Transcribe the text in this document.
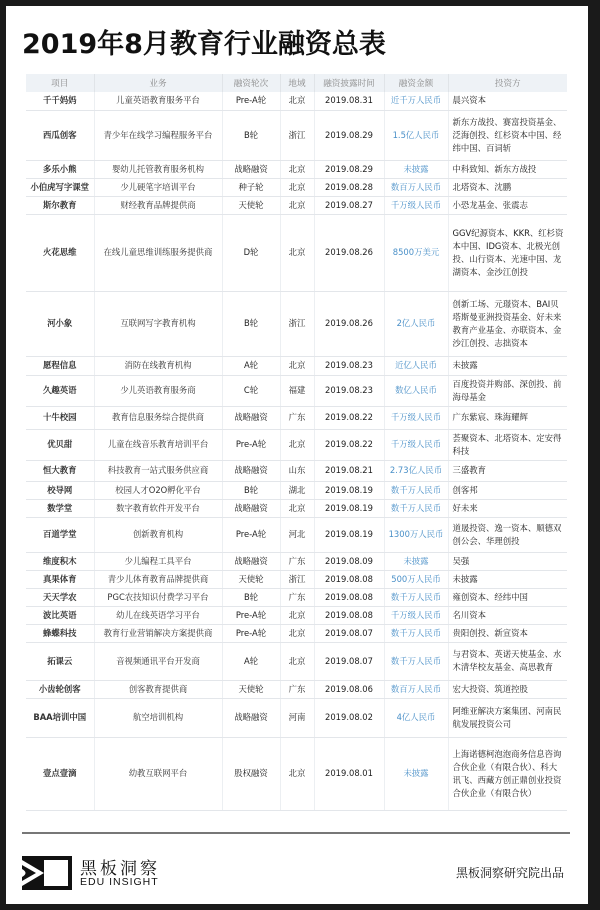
2019年8月教育行业融资总表
项目	业务	融资轮次	地域	融资披露时间	融资金额	投资方
千千妈妈	儿童英语教育服务平台	Pre-A轮	北京	2019.08.31	近千万人民币	晨兴资本
西瓜创客	青少年在线学习编程服务平台	B轮	浙江	2019.08.29	1.5亿人民币	新东方战投、赛富投资基金、泛海创投、红杉资本中国、经纬中国、百词斩
多乐小熊	婴幼儿托管教育服务机构	战略融资	北京	2019.08.29	未披露	中科致知、新东方战投
小伯虎写字课堂	少儿硬笔字培训平台	种子轮	北京	2019.08.28	数百万人民币	北塔资本、沈鹏
斯尔教育	财经教育品牌提供商	天使轮	北京	2019.08.27	千万级人民币	小恐龙基金、张震志
火花思维	在线儿童思维训练服务提供商	D轮	北京	2019.08.26	8500万美元	GGV纪源资本、KKR、红杉资本中国、IDG资本、北极光创投、山行资本、光速中国、龙湖资本、金沙江创投
河小象	互联网写字教育机构	B轮	浙江	2019.08.26	2亿人民币	创新工场、元璟资本、BAI贝塔斯曼亚洲投资基金、好未来教育产业基金、亦联资本、金沙江创投、志拙资本
愿程信息	消防在线教育机构	A轮	北京	2019.08.23	近亿人民币	未披露
久趣英语	少儿英语教育服务商	C轮	福建	2019.08.23	数亿人民币	百度投资并购部、深创投、前海母基金
十牛校园	教育信息服务综合提供商	战略融资	广东	2019.08.22	千万级人民币	广东紫宸、珠海耀辉
优贝甜	儿童在线音乐教育培训平台	Pre-A轮	北京	2019.08.22	千万级人民币	荟聚资本、北塔资本、定安得科技
恒大教育	科技教育一站式服务供应商	战略融资	山东	2019.08.21	2.73亿人民币	三盛教育
校导网	校园人才O2O孵化平台	B轮	湖北	2019.08.19	数千万人民币	创客邦
数学堂	数字教育软件开发平台	战略融资	北京	2019.08.19	数千万人民币	好未来
百道学堂	创新教育机构	Pre-A轮	河北	2019.08.19	1300万人民币	道晟投资、逸一资本、顺德双创公会、华理创投
维度积木	少儿编程工具平台	战略融资	广东	2019.08.09	未披露	吴强
真果体育	青少儿体育教育品牌提供商	天使轮	浙江	2019.08.08	500万人民币	未披露
天天学农	PGC农技知识付费学习平台	B轮	广东	2019.08.08	数千万人民币	雍创资本、经纬中国
波比英语	幼儿在线英语学习平台	Pre-A轮	北京	2019.08.08	千万级人民币	名川资本
蜂蝶科技	教育行业营销解决方案提供商	Pre-A轮	北京	2019.08.07	数千万人民币	贵阳创投、新宣资本
拓课云	音视频通讯平台开发商	A轮	北京	2019.08.07	数千万人民币	与君资本、英诺天使基金、水木清华校友基金、高思教育
小齿轮创客	创客教育提供商	天使轮	广东	2019.08.06	数百万人民币	宏大投资、筑道控股
BAA培训中国	航空培训机构	战略融资	河南	2019.08.02	4亿人民币	阿维亚解决方案集团、河南民航发展投资公司
壹点壹滴	幼教互联网平台	股权融资	北京	2019.08.01	未披露	上海诺德柯泡泡商务信息咨询合伙企业（有限合伙）、科大讯飞、西藏方创正鼎创业投资合伙企业（有限合伙）
黑板洞察
EDU INSIGHT
黑板洞察研究院出品
